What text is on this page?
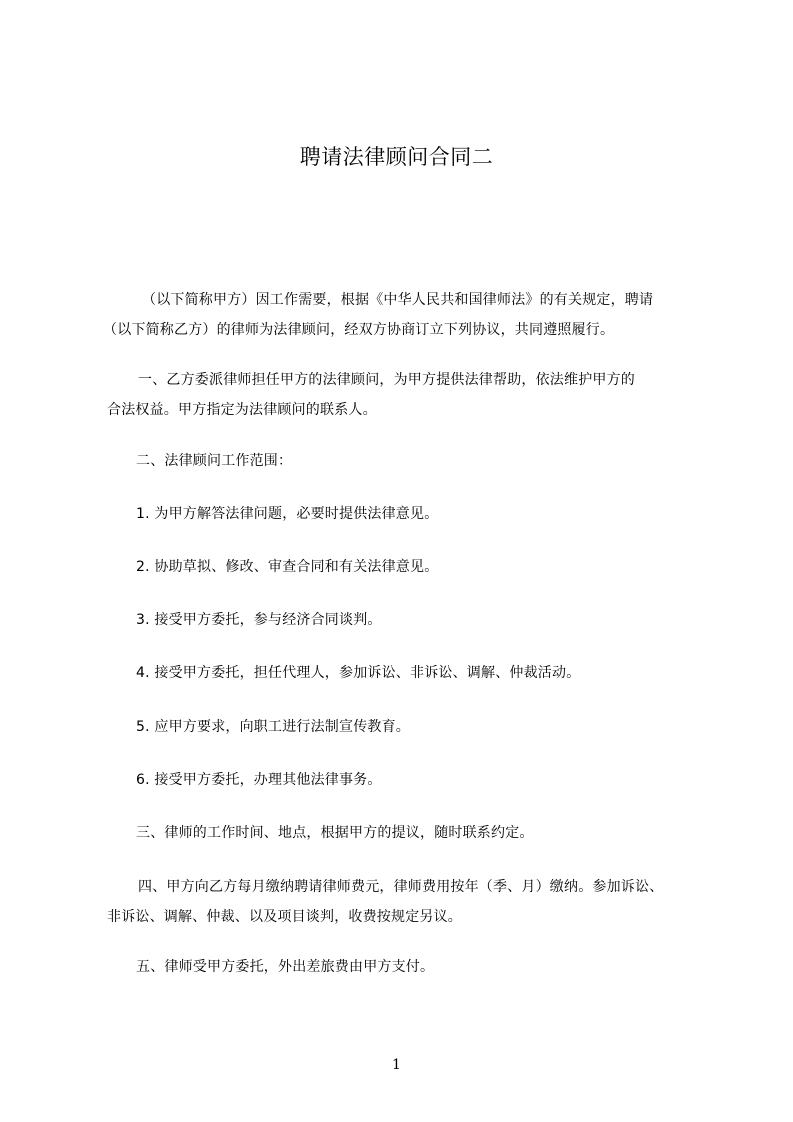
聘请法律顾问合同二
（以下简称甲方）因工作需要，根据《中华人民共和国律师法》的有关规定，聘请
（以下简称乙方）的律师为法律顾问，经双方协商订立下列协议，共同遵照履行。
一、乙方委派律师担任甲方的法律顾问，为甲方提供法律帮助，依法维护甲方的
合法权益。甲方指定为法律顾问的联系人。
二、法律顾问工作范围：
1. 为甲方解答法律问题，必要时提供法律意见。
2. 协助草拟、修改、审查合同和有关法律意见。
3. 接受甲方委托，参与经济合同谈判。
4. 接受甲方委托，担任代理人，参加诉讼、非诉讼、调解、仲裁活动。
5. 应甲方要求，向职工进行法制宣传教育。
6. 接受甲方委托，办理其他法律事务。
三、律师的工作时间、地点，根据甲方的提议，随时联系约定。
四、甲方向乙方每月缴纳聘请律师费元，律师费用按年（季、月）缴纳。参加诉讼、
非诉讼、调解、仲裁、以及项目谈判，收费按规定另议。
五、律师受甲方委托，外出差旅费由甲方支付。
1
